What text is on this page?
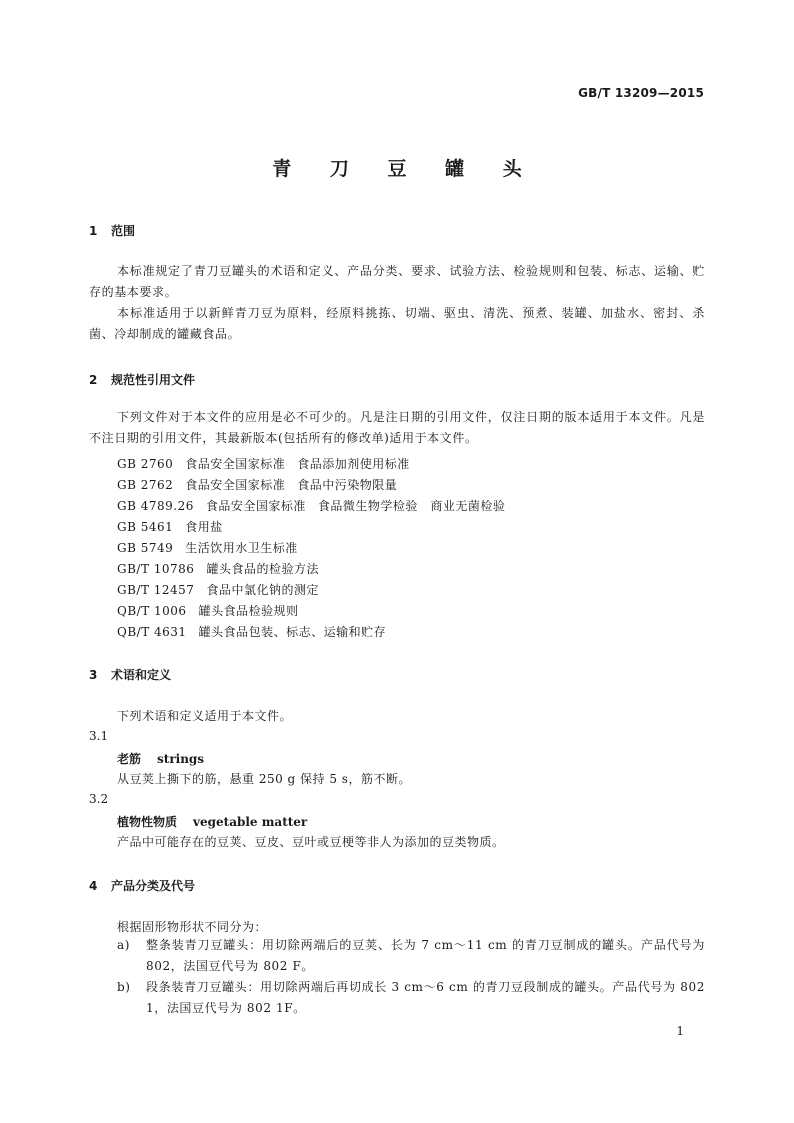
GB/T 13209—2015
青 刀 豆 罐 头
1 范围
本标准规定了青刀豆罐头的术语和定义、产品分类、要求、试验方法、检验规则和包装、标志、运输、贮存的基本要求。
本标准适用于以新鲜青刀豆为原料，经原料挑拣、切端、驱虫、清洗、预煮、装罐、加盐水、密封、杀菌、冷却制成的罐藏食品。
2 规范性引用文件
下列文件对于本文件的应用是必不可少的。凡是注日期的引用文件，仅注日期的版本适用于本文件。凡是不注日期的引用文件，其最新版本(包括所有的修改单)适用于本文件。
GB 2760 食品安全国家标准 食品添加剂使用标准
GB 2762 食品安全国家标准 食品中污染物限量
GB 4789.26 食品安全国家标准 食品微生物学检验　商业无菌检验
GB 5461 食用盐
GB 5749 生活饮用水卫生标准
GB/T 10786 罐头食品的检验方法
GB/T 12457 食品中氯化钠的测定
QB/T 1006 罐头食品检验规则
QB/T 4631 罐头食品包装、标志、运输和贮存
3 术语和定义
下列术语和定义适用于本文件。
3.1
老筋 strings
从豆荚上撕下的筋，悬重 250 g 保持 5 s，筋不断。
3.2
植物性物质 vegetable matter
产品中可能存在的豆荚、豆皮、豆叶或豆梗等非人为添加的豆类物质。
4 产品分类及代号
根据固形物形状不同分为：
a) 整条装青刀豆罐头：用切除两端后的豆荚、长为 7 cm～11 cm 的青刀豆制成的罐头。产品代号为 802，法国豆代号为 802 F。
b) 段条装青刀豆罐头：用切除两端后再切成长 3 cm～6 cm 的青刀豆段制成的罐头。产品代号为 802 1，法国豆代号为 802 1F。
1
